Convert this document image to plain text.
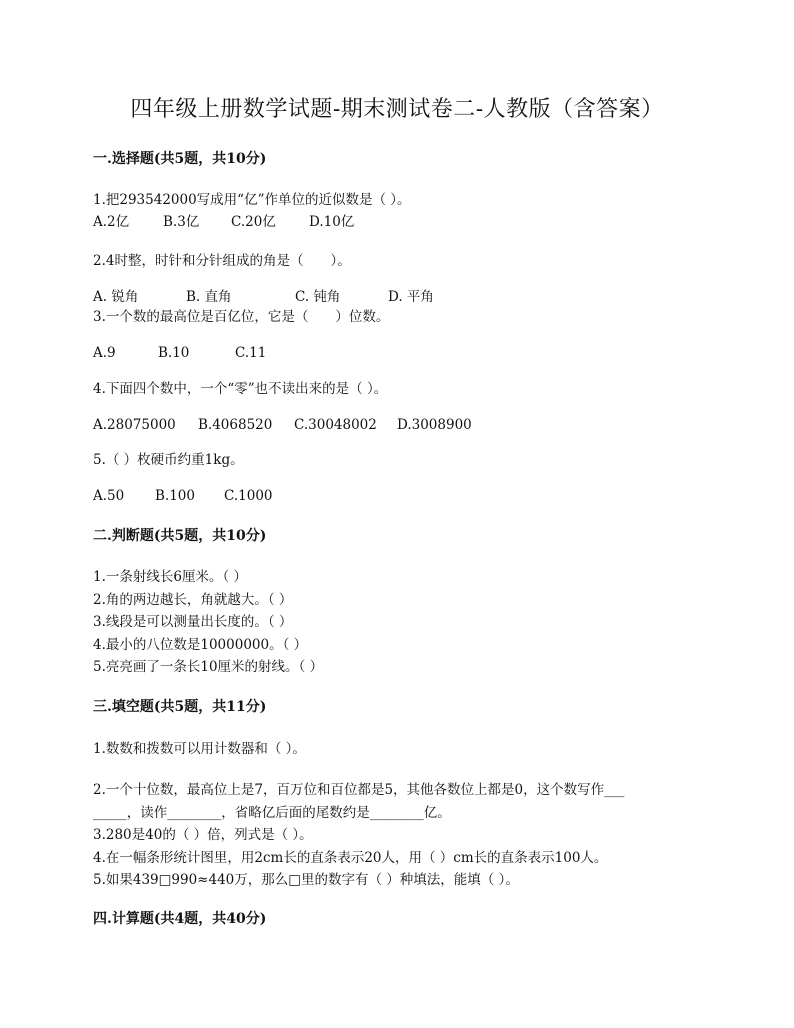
四年级上册数学试题-期末测试卷二-人教版（含答案）
一.选择题(共5题，共10分)
1.把293542000写成用“亿”作单位的近似数是（ ）。
A.2亿	B.3亿 C.20亿 D.10亿
2.4时整，时针和分针组成的角是（　　）。
A. 锐角	B. 直角	C. 钝角	D. 平角
3.一个数的最高位是百亿位，它是（　　）位数。
A.9	B.10	C.11
4.下面四个数中，一个“零”也不读出来的是（ ）。
A.28075000 B.4068520 C.30048002 D.3008900
5.（ ）枚硬币约重1kg。
A.50 B.100 C.1000
二.判断题(共5题，共10分)
1.一条射线长6厘米。（ ）
2.角的两边越长，角就越大。（ ）
3.线段是可以测量出长度的。（ ）
4.最小的八位数是10000000。（ ）
5.亮亮画了一条长10厘米的射线。（ ）
三.填空题(共5题，共11分)
1.数数和拨数可以用计数器和（ ）。
2.一个十位数，最高位上是7，百万位和百位都是5，其他各数位上都是0，这个数写作___
_____，读作________，省略亿后面的尾数约是________亿。
3.280是40的（ ）倍，列式是（ ）。
4.在一幅条形统计图里，用2cm长的直条表示20人，用（ ）cm长的直条表示100人。
5.如果439□990≈440万，那么□里的数字有（ ）种填法，能填（ ）。
四.计算题(共4题，共40分)
